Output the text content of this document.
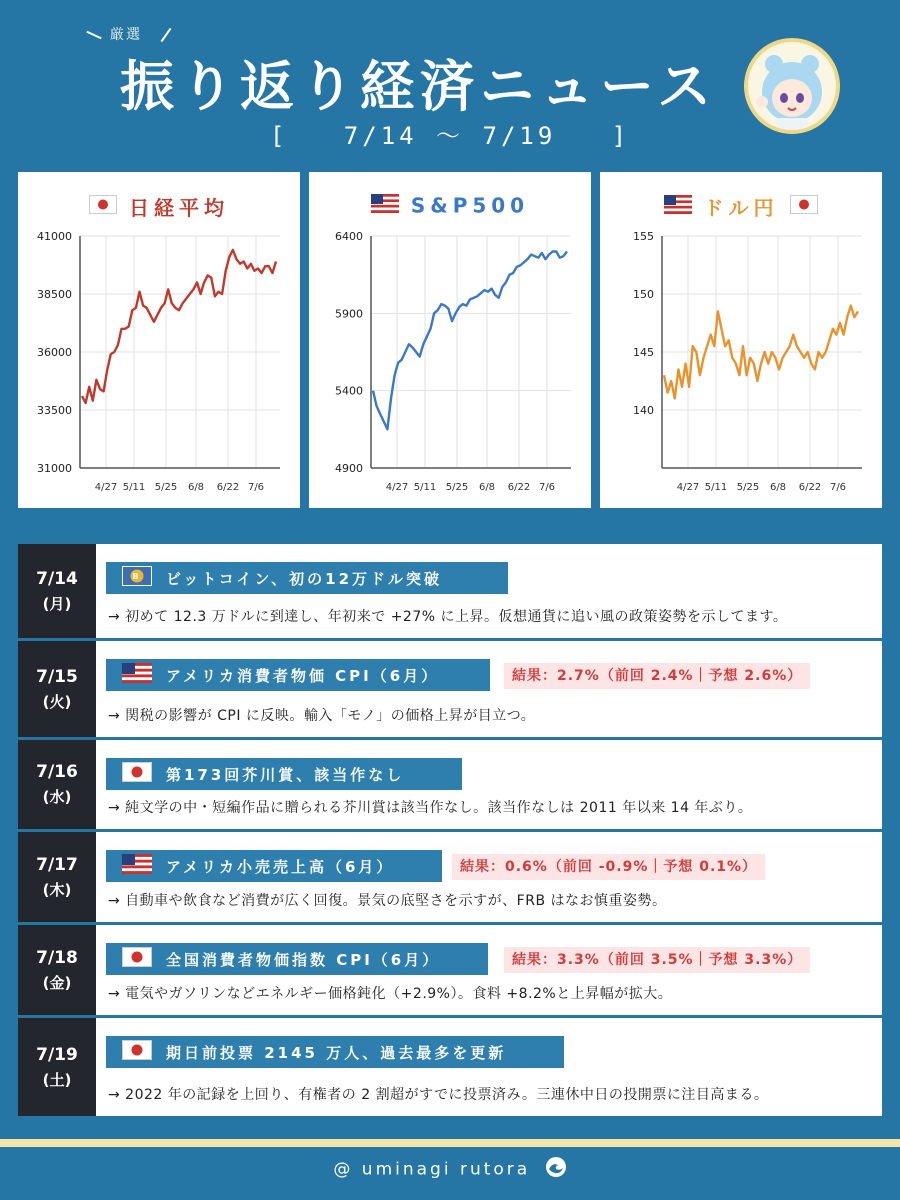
厳選
振り返り経済ニュース
[   7/14 〜 7/19   ]
4/27 5/11 5/25 6/8 6/22 7/6
31000
33500
36000
38500
41000
日経平均
4/27 5/11 5/25 6/8 6/22 7/6
4900
5400
5900
6400
S&P500
4/27 5/11 5/25 6/8 6/22 7/6
140
145
150
155
ドル円
7/14
(月)
B ビットコイン、初の12万ドル突破
→ 初めて 12.3 万ドルに到達し、年初来で +27% に上昇。仮想通貨に追い風の政策姿勢を示してます。
7/15
(火)
アメリカ消費者物価 CPI（6月）	結果：2.7%（前回 2.4%｜予想 2.6%）
→ 関税の影響が CPI に反映。輸入「モノ」の価格上昇が目立つ。
7/16
(水)
第173回芥川賞、該当作なし
→ 純文学の中・短編作品に贈られる芥川賞は該当作なし。該当作なしは 2011 年以来 14 年ぶり。
7/17
(木)
アメリカ小売売上高（6月）	結果：0.6%（前回 -0.9%｜予想 0.1%）
→ 自動車や飲食など消費が広く回復。景気の底堅さを示すが、FRB はなお慎重姿勢。
7/18
(金)
全国消費者物価指数 CPI（6月）	結果：3.3%（前回 3.5%｜予想 3.3%）
→ 電気やガソリンなどエネルギー価格鈍化（+2.9%）。食料 +8.2%と上昇幅が拡大。
7/19
(土)
期日前投票 2145 万人、過去最多を更新
→ 2022 年の記録を上回り、有権者の 2 割超がすでに投票済み。三連休中日の投開票に注目高まる。
@ uminagi rutora
